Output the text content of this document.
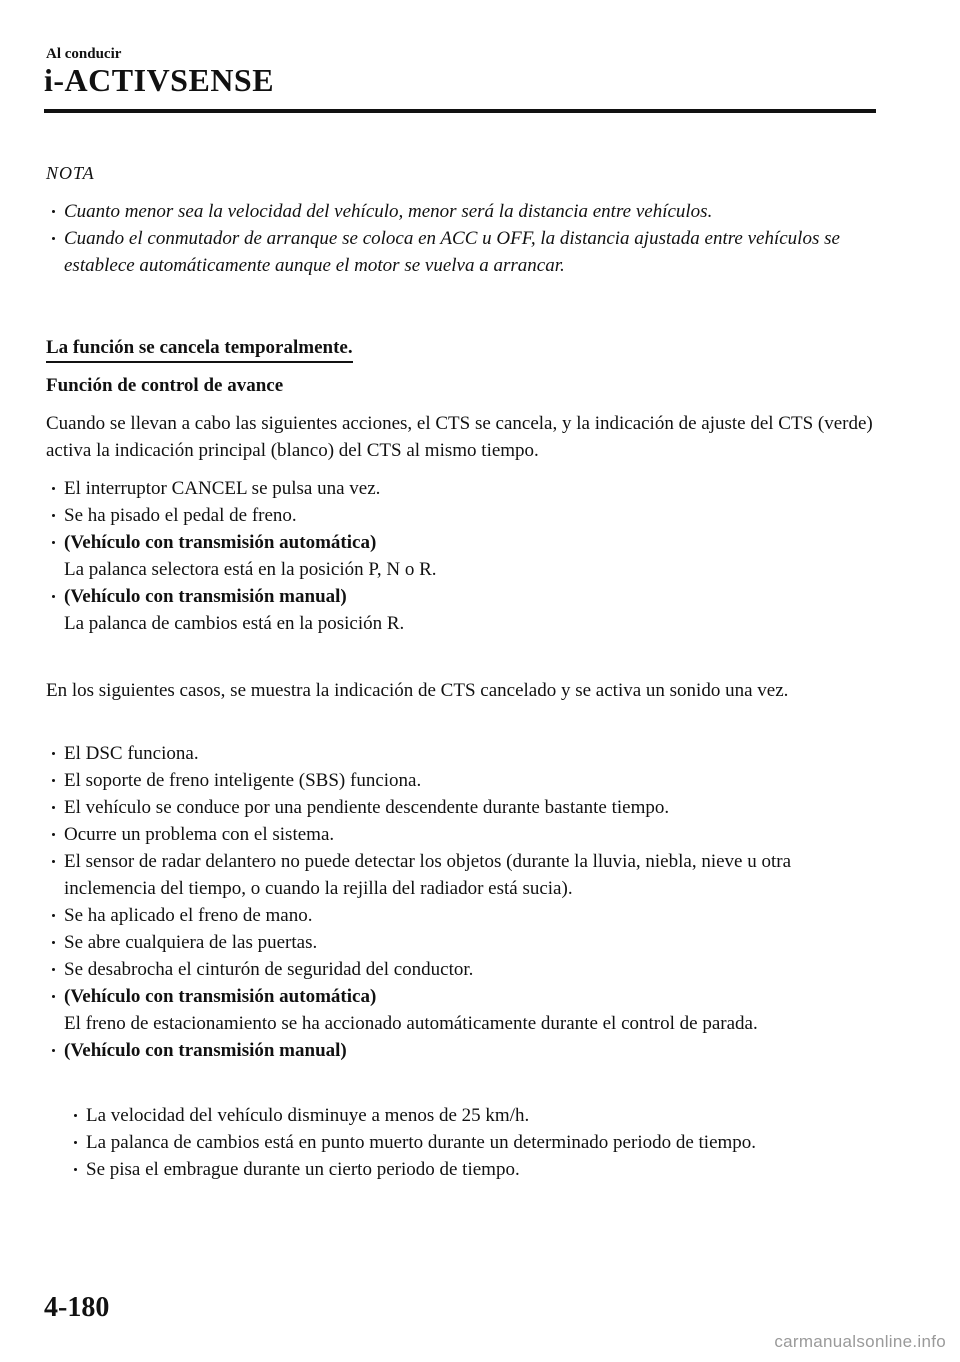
Al conducir
i-ACTIVSENSE
NOTA
Cuanto menor sea la velocidad del vehículo, menor será la distancia entre vehículos.
Cuando el conmutador de arranque se coloca en ACC u OFF, la distancia ajustada entre vehículos se establece automáticamente aunque el motor se vuelva a arrancar.
La función se cancela temporalmente.
Función de control de avance
Cuando se llevan a cabo las siguientes acciones, el CTS se cancela, y la indicación de ajuste del CTS (verde) activa la indicación principal (blanco) del CTS al mismo tiempo.
El interruptor CANCEL se pulsa una vez.
Se ha pisado el pedal de freno.
(Vehículo con transmisión automática)
La palanca selectora está en la posición P, N o R.
(Vehículo con transmisión manual)
La palanca de cambios está en la posición R.
En los siguientes casos, se muestra la indicación de CTS cancelado y se activa un sonido una vez.
El DSC funciona.
El soporte de freno inteligente (SBS) funciona.
El vehículo se conduce por una pendiente descendente durante bastante tiempo.
Ocurre un problema con el sistema.
El sensor de radar delantero no puede detectar los objetos (durante la lluvia, niebla, nieve u otra inclemencia del tiempo, o cuando la rejilla del radiador está sucia).
Se ha aplicado el freno de mano.
Se abre cualquiera de las puertas.
Se desabrocha el cinturón de seguridad del conductor.
(Vehículo con transmisión automática)
El freno de estacionamiento se ha accionado automáticamente durante el control de parada.
(Vehículo con transmisión manual)
La velocidad del vehículo disminuye a menos de 25 km/h.
La palanca de cambios está en punto muerto durante un determinado periodo de tiempo.
Se pisa el embrague durante un cierto periodo de tiempo.
4-180
carmanualsonline.info
